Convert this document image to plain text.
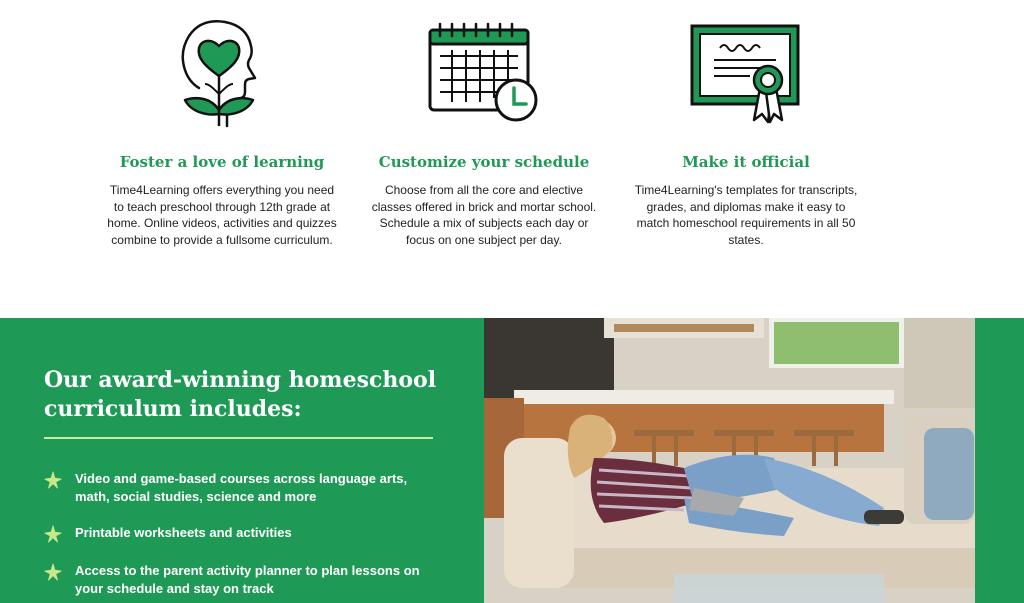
Foster a love of learning

Time4Learning offers everything you need to teach preschool through 12th grade at home. Online videos, activities and quizzes combine to provide a fullsome curriculum.

Customize your schedule

Choose from all the core and elective classes offered in brick and mortar school. Schedule a mix of subjects each day or focus on one subject per day.

Make it official

Time4Learning's templates for transcripts, grades, and diplomas make it easy to match homeschool requirements in all 50 states.

Our award-winning homeschool curriculum includes:
Video and game-based courses across language arts, math, social studies, science and more
Printable worksheets and activities
Access to the parent activity planner to plan lessons on your schedule and stay on track
